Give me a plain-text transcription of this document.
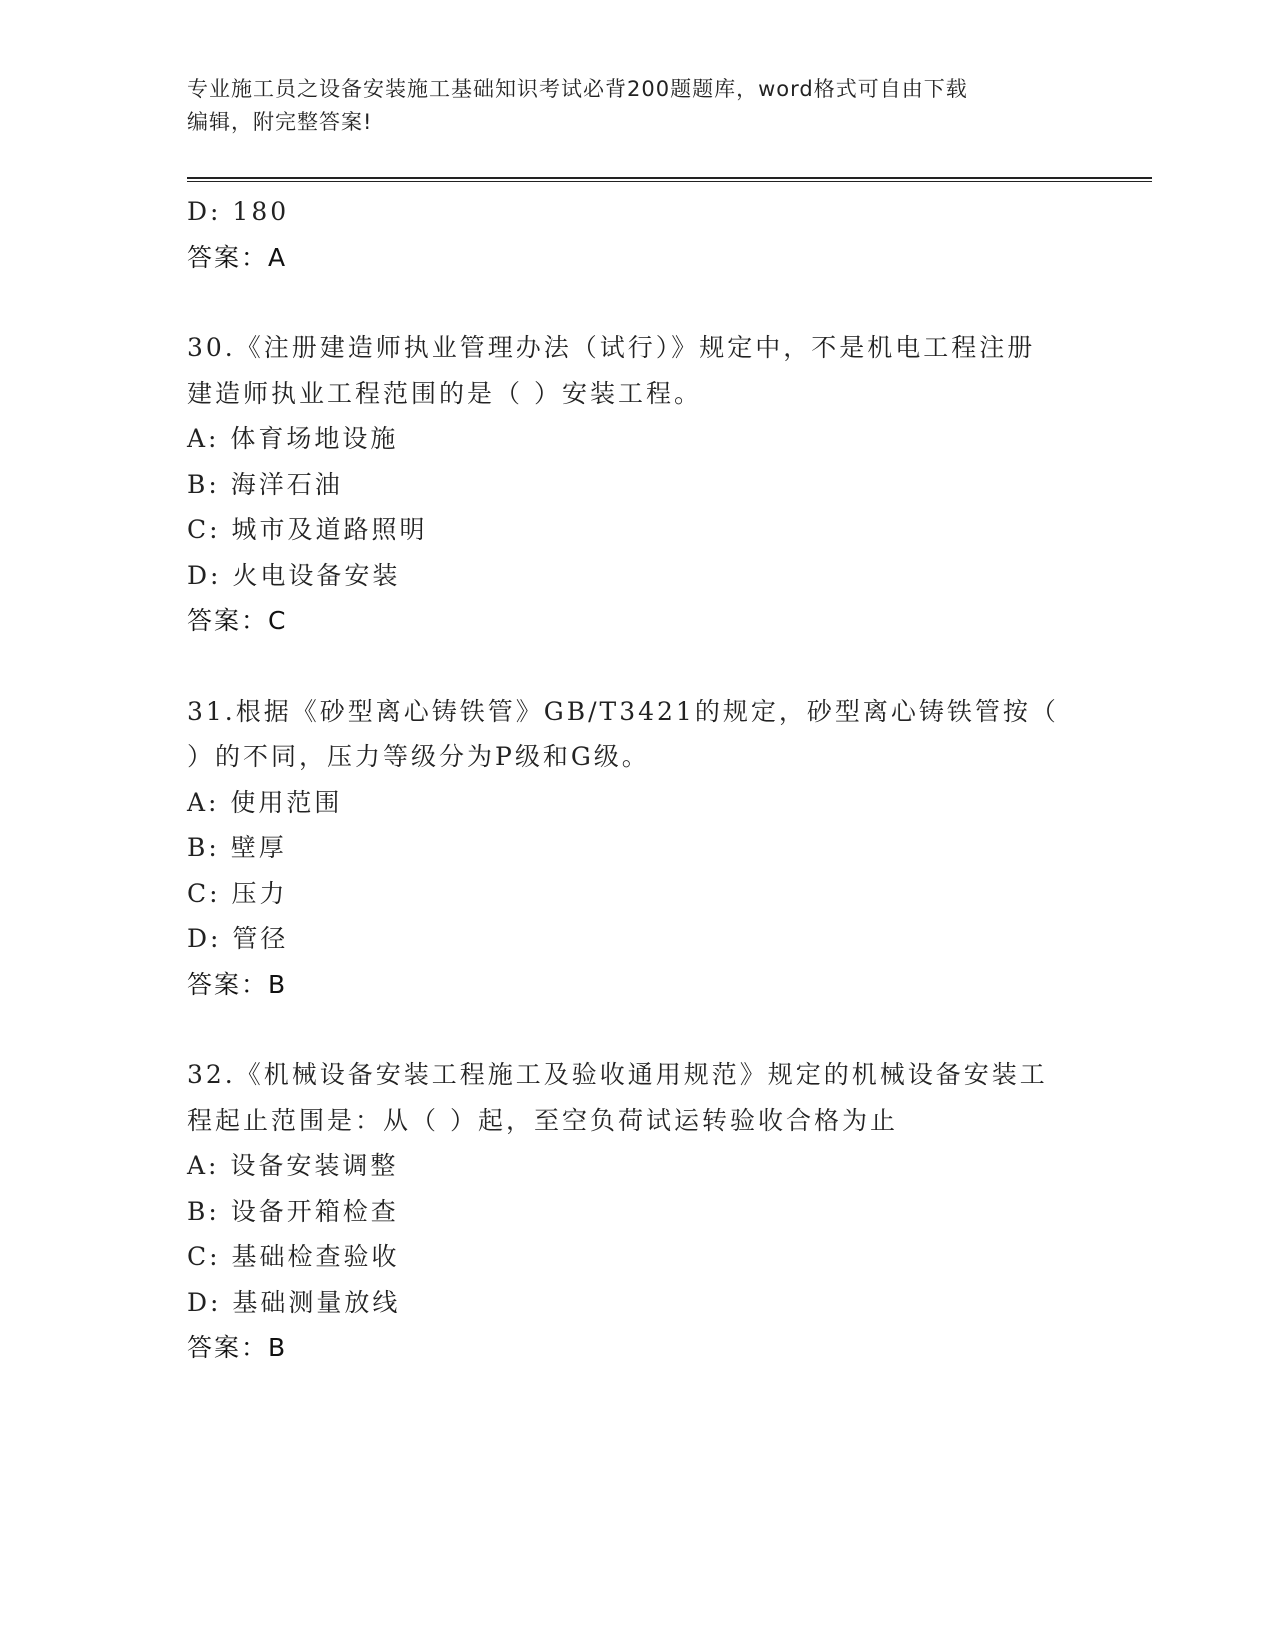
专业施工员之设备安装施工基础知识考试必背200题题库，word格式可自由下载
编辑，附完整答案!
D: 180
答案：A
30.《注册建造师执业管理办法（试行）》规定中，不是机电工程注册
建造师执业工程范围的是（ ）安装工程。
A: 体育场地设施
B: 海洋石油
C: 城市及道路照明
D: 火电设备安装
答案：C
31.根据《砂型离心铸铁管》GB/T3421的规定，砂型离心铸铁管按（
）的不同，压力等级分为P级和G级。
A: 使用范围
B: 壁厚
C: 压力
D: 管径
答案：B
32.《机械设备安装工程施工及验收通用规范》规定的机械设备安装工
程起止范围是：从（ ）起，至空负荷试运转验收合格为止
A: 设备安装调整
B: 设备开箱检查
C: 基础检查验收
D: 基础测量放线
答案：B
